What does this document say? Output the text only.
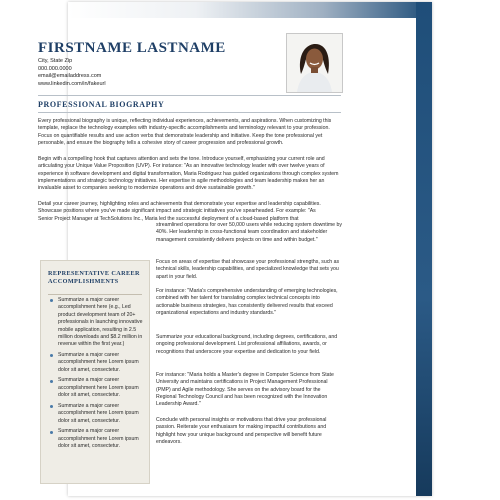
FIRSTNAME LASTNAME
City, State Zip
000.000.0000
email@emailaddress.com
www.linkedin.com/in/fakeurl
PROFESSIONAL BIOGRAPHY
Every professional biography is unique, reflecting individual experiences, achievements, and aspirations. When customizing this template, replace the technology examples with industry-specific accomplishments and terminology relevant to your profession. Focus on quantifiable results and use action verbs that demonstrate leadership and initiative. Keep the tone professional yet personable, and ensure the biography tells a cohesive story of career progression and professional growth.
Begin with a compelling hook that captures attention and sets the tone. Introduce yourself, emphasizing your current role and articulating your Unique Value Proposition (UVP). For instance: "As an innovative technology leader with over twelve years of experience in software development and digital transformation, Maria Rodriguez has guided organizations through complex system implementations and strategic technology initiatives. Her expertise in agile methodologies and team leadership makes her an invaluable asset to companies seeking to modernize operations and drive sustainable growth."
Detail your career journey, highlighting roles and achievements that demonstrate your expertise and leadership capabilities.
Showcase positions where you've made significant impact and strategic initiatives you've spearheaded. For example: "As
Senior Project Manager at TechSolutions Inc., Maria led the successful deployment of a cloud-based platform that
streamlined operations for over 50,000 users while reducing system downtime by 40%. Her leadership in cross-functional team coordination and stakeholder management consistently delivers projects on time and within budget."
REPRESENTATIVE CAREER ACCOMPLISHMENTS
Summarize a major career accomplishment here (e.g., Led product development team of 20+ professionals in launching innovative mobile application, resulting in 2.5 million downloads and $8.2 million in revenue within the first year.)
Summarize a major career accomplishment here Lorem ipsum dolor sit amet, consectetur.
Summarize a major career accomplishment here Lorem ipsum dolor sit amet, consectetur.
Summarize a major career accomplishment here Lorem ipsum dolor sit amet, consectetur.
Summarize a major career accomplishment here Lorem ipsum dolor sit amet, consectetur.
Focus on areas of expertise that showcase your professional strengths, such as technical skills, leadership capabilities, and specialized knowledge that sets you apart in your field.
For instance: "Maria's comprehensive understanding of emerging technologies, combined with her talent for translating complex technical concepts into actionable business strategies, has consistently delivered results that exceed organizational expectations and industry standards."
Summarize your educational background, including degrees, certifications, and ongoing professional development. List professional affiliations, awards, or recognitions that underscore your expertise and dedication to your field.
For instance: "Maria holds a Master's degree in Computer Science from State University and maintains certifications in Project Management Professional (PMP) and Agile methodology. She serves on the advisory board for the Regional Technology Council and has been recognized with the Innovation Leadership Award."
Conclude with personal insights or motivations that drive your professional passion. Reiterate your enthusiasm for making impactful contributions and highlight how your unique background and perspective will benefit future endeavors.
